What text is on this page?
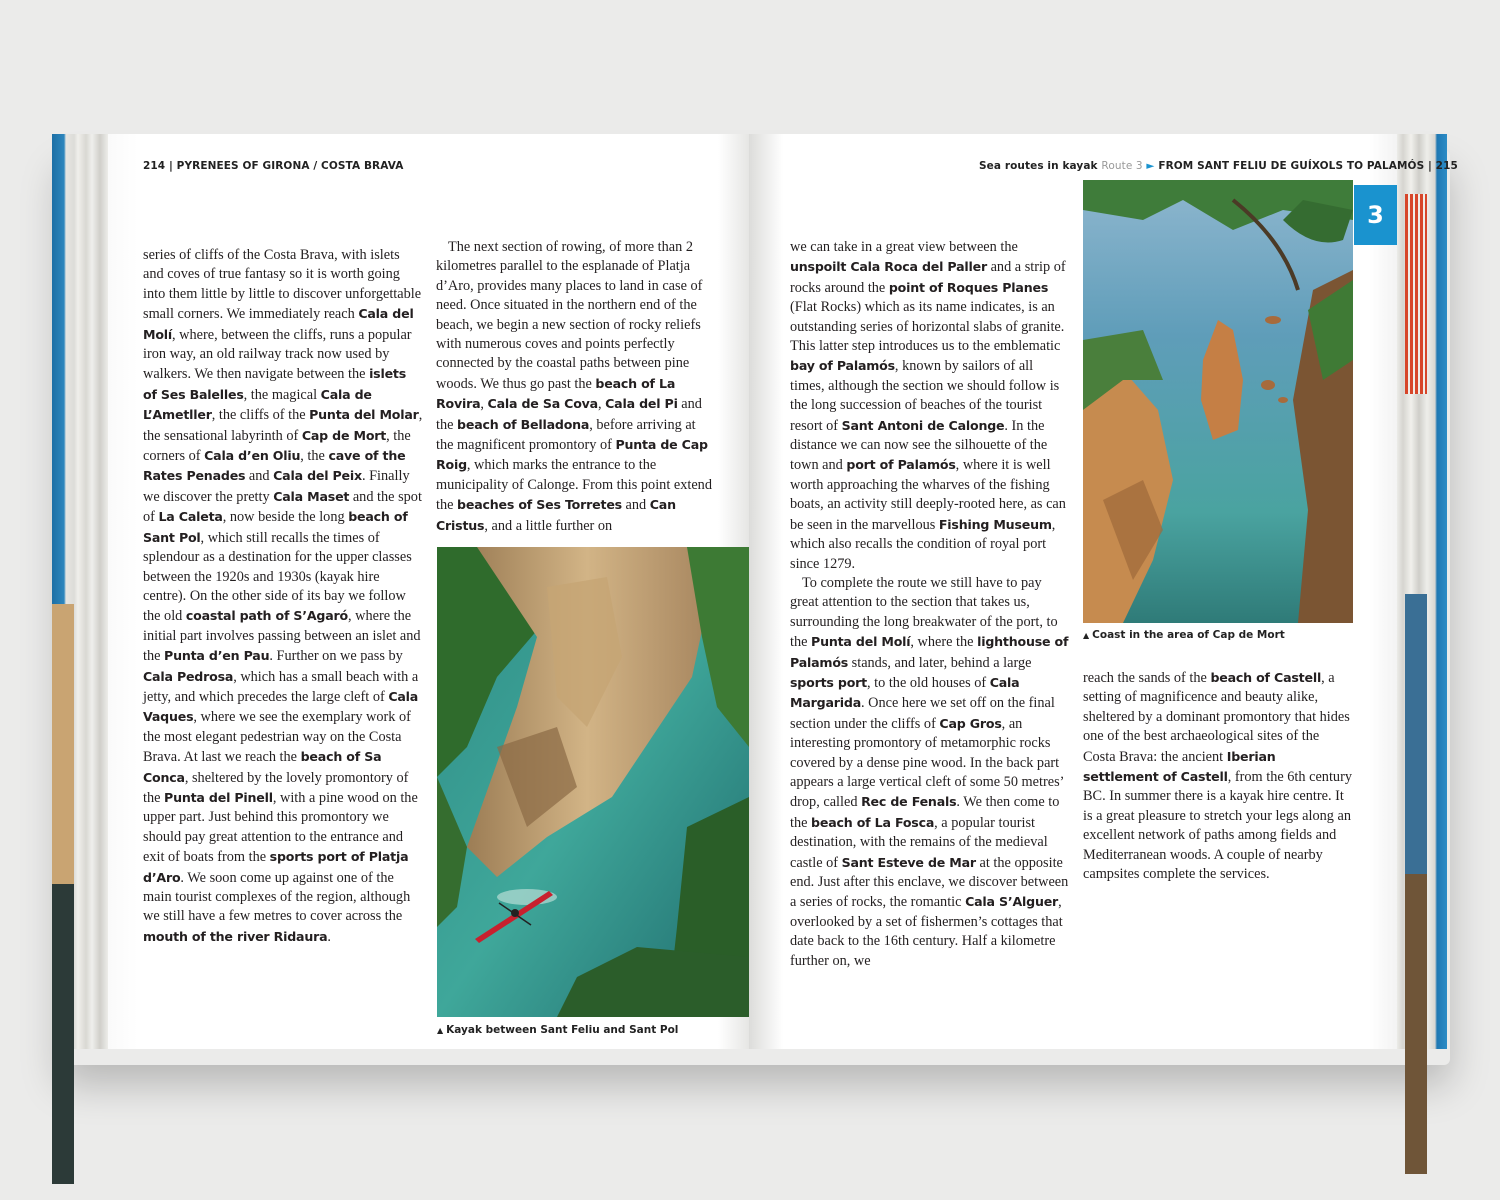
214 | PYRENEES OF GIRONA / COSTA BRAVA

series of cliffs of the Costa Brava, with islets and coves of true fantasy so it is worth going into them little by little to discover unforgettable small corners. We immediately reach Cala del Molí, where, between the cliffs, runs a popular iron way, an old railway track now used by walkers. We then navigate between the islets of Ses Balelles, the magical Cala de L’Ametller, the cliffs of the Punta del Molar, the sensational labyrinth of Cap de Mort, the corners of Cala d’en Oliu, the cave of the Rates Penades and Cala del Peix. Finally we discover the pretty Cala Maset and the spot of La Caleta, now beside the long beach of Sant Pol, which still recalls the times of splendour as a destination for the upper classes between the 1920s and 1930s (kayak hire centre). On the other side of its bay we follow the old coastal path of S’Agaró, where the initial part involves passing between an islet and the Punta d’en Pau. Further on we pass by Cala Pedrosa, which has a small beach with a jetty, and which precedes the large cleft of Cala Vaques, where we see the exemplary work of the most elegant pedestrian way on the Costa Brava. At last we reach the beach of Sa Conca, sheltered by the lovely promontory of the Punta del Pinell, with a pine wood on the upper part. Just behind this promontory we should pay great attention to the entrance and exit of boats from the sports port of Platja d’Aro. We soon come up against one of the main tourist complexes of the region, although we still have a few metres to cover across the mouth of the river Ridaura.

The next section of rowing, of more than 2 kilometres parallel to the esplanade of Platja d’Aro, provides many places to land in case of need. Once situated in the northern end of the beach, we begin a new section of rocky reliefs with numerous coves and points perfectly connected by the coastal paths between pine woods. We thus go past the beach of La Rovira, Cala de Sa Cova, Cala del Pi and the beach of Belladona, before arriving at the magnificent promontory of Punta de Cap Roig, which marks the entrance to the municipality of Calonge. From this point extend the beaches of Ses Torretes and Can Cristus, and a little further on

▲ Kayak between Sant Feliu and Sant Pol
Sea routes in kayak Route 3 ► FROM SANT FELIU DE GUÍXOLS TO PALAMÓS | 215
3

we can take in a great view between the unspoilt Cala Roca del Paller and a strip of rocks around the point of Roques Planes (Flat Rocks) which as its name indicates, is an outstanding series of horizontal slabs of granite. This latter step introduces us to the emblematic bay of Palamós, known by sailors of all times, although the section we should follow is the long succession of beaches of the tourist resort of Sant Antoni de Calonge. In the distance we can now see the silhouette of the town and port of Palamós, where it is well worth approaching the wharves of the fishing boats, an activity still deeply-rooted here, as can be seen in the marvellous Fishing Museum, which also recalls the condition of royal port since 1279.

To complete the route we still have to pay great attention to the section that takes us, surrounding the long breakwater of the port, to the Punta del Molí, where the lighthouse of Palamós stands, and later, behind a large sports port, to the old houses of Cala Margarida. Once here we set off on the final section under the cliffs of Cap Gros, an interesting promontory of metamorphic rocks covered by a dense pine wood. In the back part appears a large vertical cleft of some 50 metres’ drop, called Rec de Fenals. We then come to the beach of La Fosca, a popular tourist destination, with the remains of the medieval castle of Sant Esteve de Mar at the opposite end. Just after this enclave, we discover between a series of rocks, the romantic Cala S’Alguer, overlooked by a set of fishermen’s cottages that date back to the 16th century. Half a kilometre further on, we

▲ Coast in the area of Cap de Mort

reach the sands of the beach of Castell, a setting of magnificence and beauty alike, sheltered by a dominant promontory that hides one of the best archaeological sites of the Costa Brava: the ancient Iberian settlement of Castell, from the 6th century BC. In summer there is a kayak hire centre. It is a great pleasure to stretch your legs along an excellent network of paths among fields and Mediterranean woods. A couple of nearby campsites complete the services.
